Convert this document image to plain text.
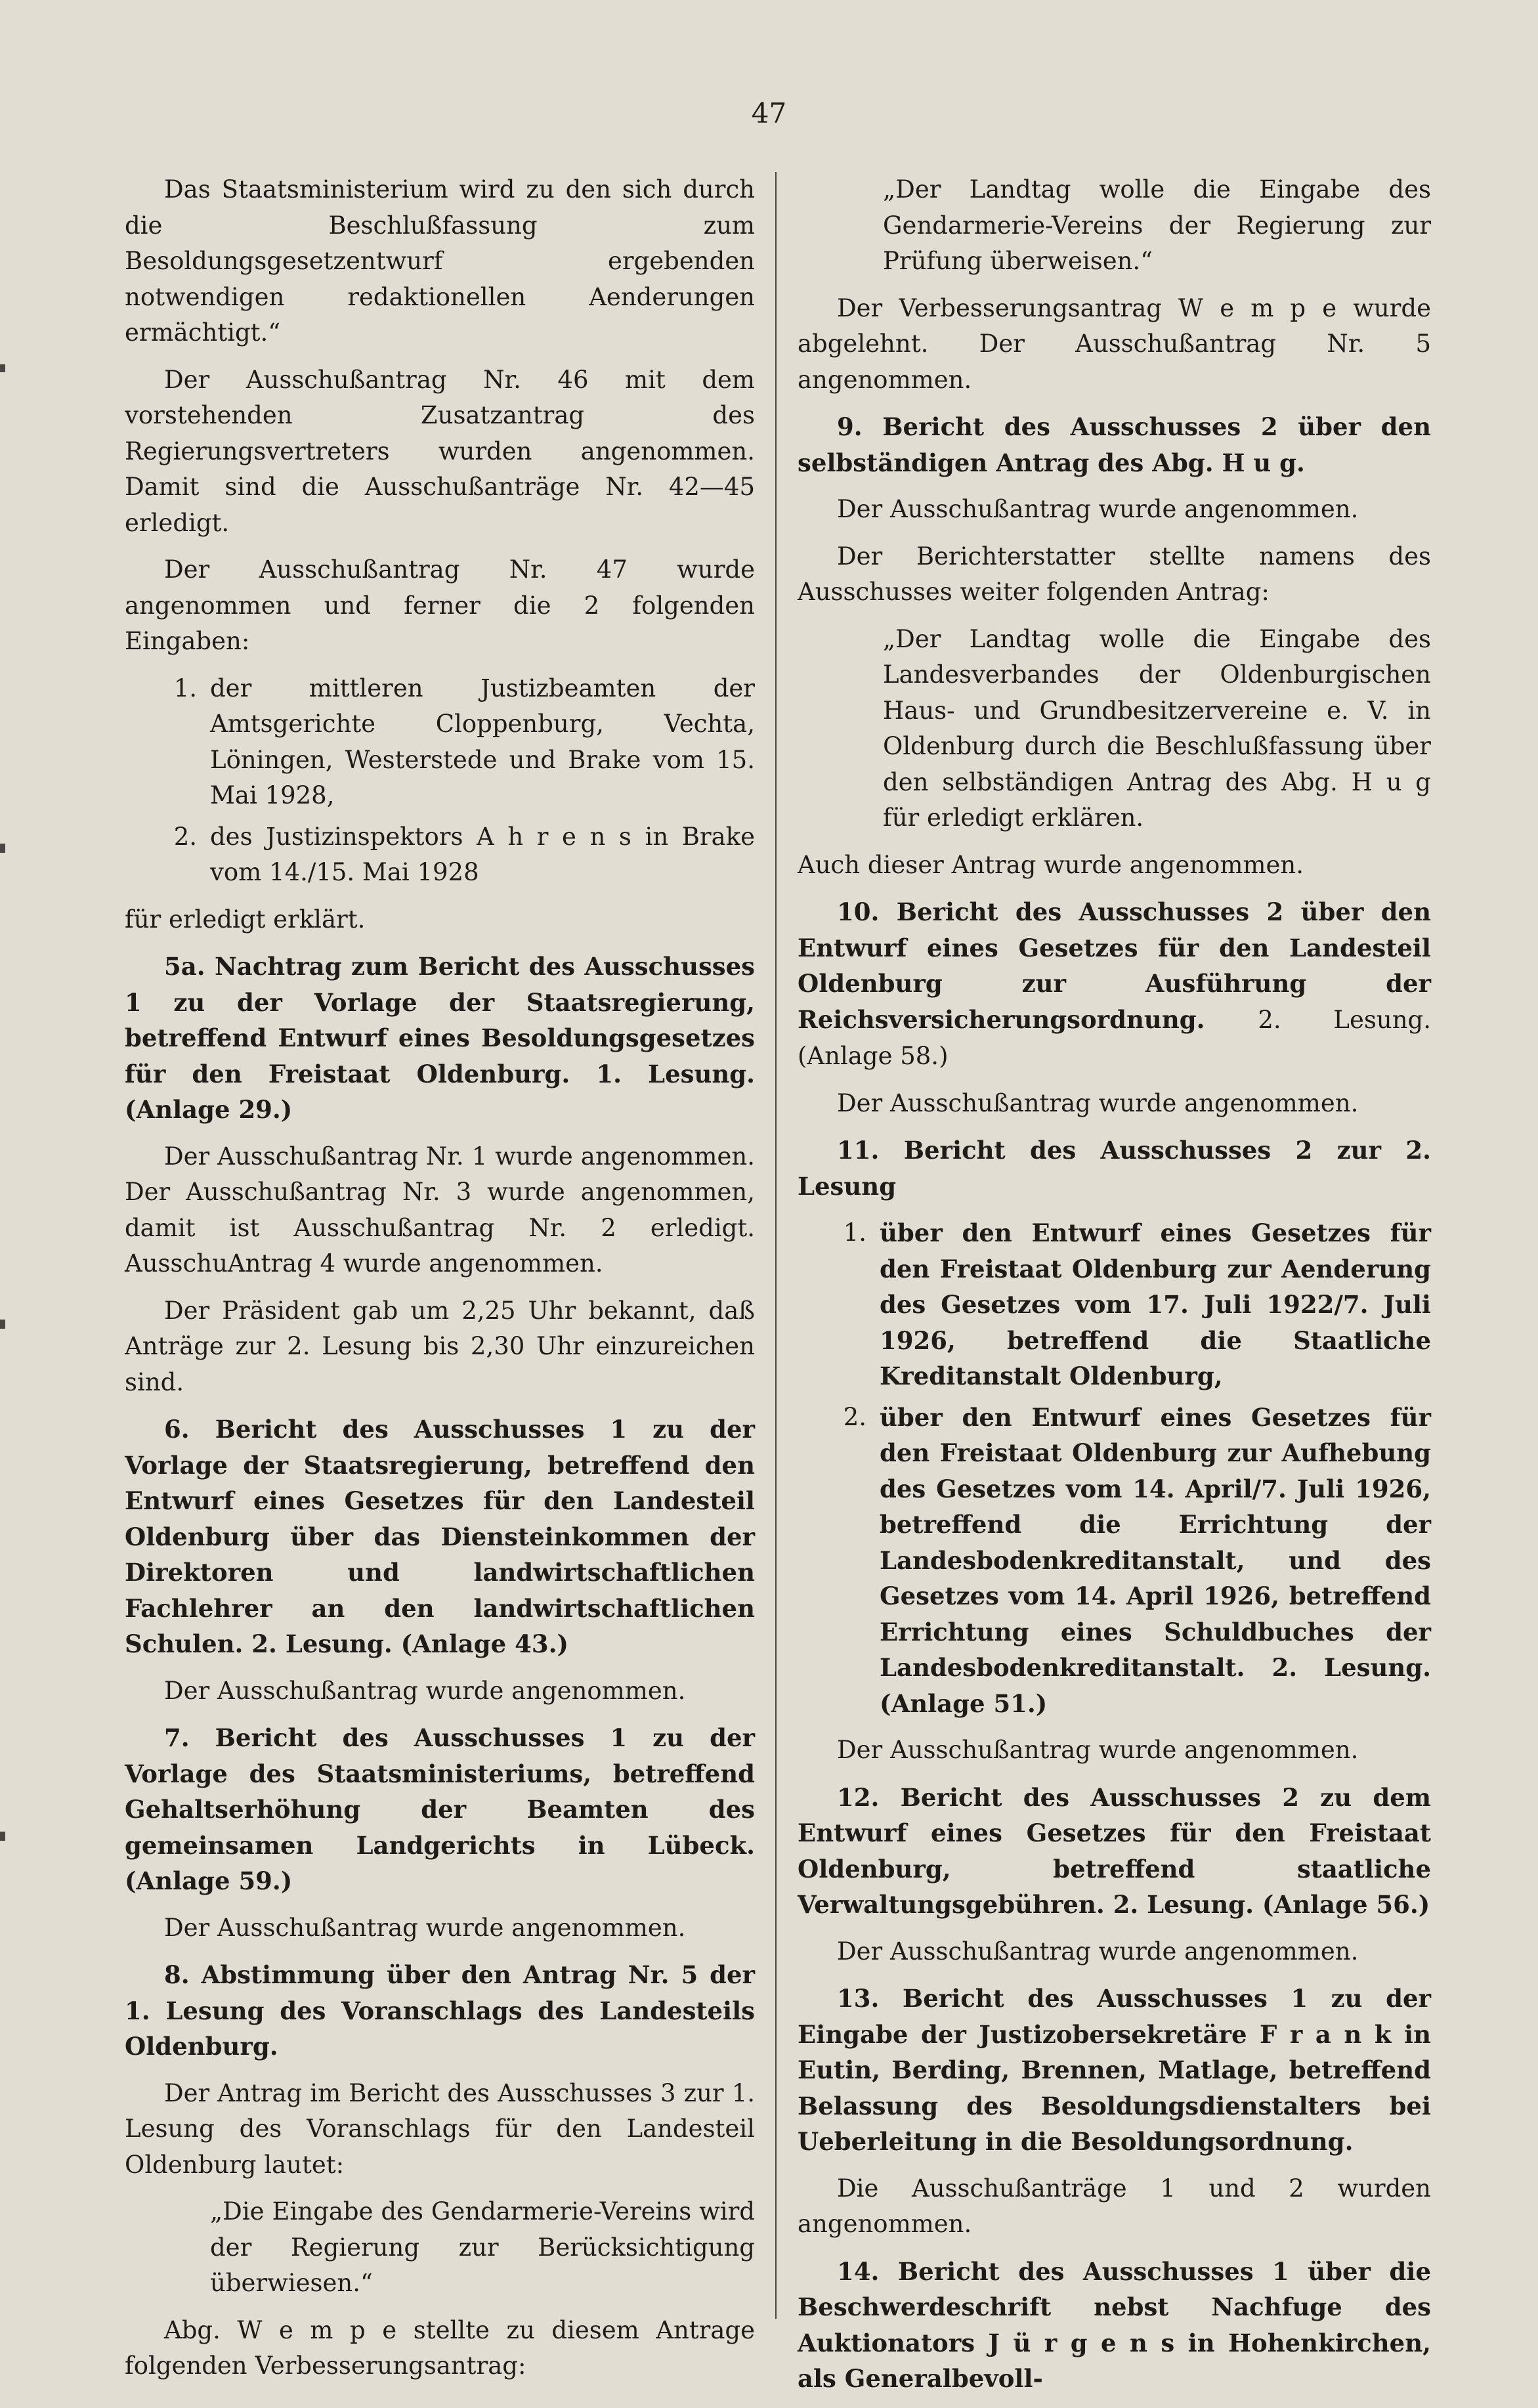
47

Das Staatsministerium wird zu den sich durch die Beschlußfassung zum Besoldungsgesetzentwurf ergebenden notwendigen redaktionellen Aenderungen ermächtigt.“

Der Ausschußantrag Nr. 46 mit dem vorstehenden Zusatzantrag des Regierungsvertreters wurden angenommen. Damit sind die Ausschußanträge Nr. 42—45 erledigt.

Der Ausschußantrag Nr. 47 wurde angenommen und ferner die 2 folgenden Eingaben:

1. der mittleren Justizbeamten der Amtsgerichte Cloppenburg, Vechta, Löningen, Westerstede und Brake vom 15. Mai 1928,
2. des Justizinspektors A h r e n s in Brake vom 14./15. Mai 1928

für erledigt erklärt.

5a. Nachtrag zum Bericht des Ausschusses 1 zu der Vorlage der Staatsregierung, betreffend Entwurf eines Besoldungsgesetzes für den Freistaat Oldenburg. 1. Lesung. (Anlage 29.)

Der Ausschußantrag Nr. 1 wurde angenommen. Der Ausschußantrag Nr. 3 wurde angenommen, damit ist Ausschußantrag Nr. 2 erledigt. AusschuAntrag 4 wurde angenommen.

Der Präsident gab um 2,25 Uhr bekannt, daß Anträge zur 2. Lesung bis 2,30 Uhr einzureichen sind.

6. Bericht des Ausschusses 1 zu der Vorlage der Staatsregierung, betreffend den Entwurf eines Gesetzes für den Landesteil Oldenburg über das Diensteinkommen der Direktoren und landwirtschaftlichen Fachlehrer an den landwirtschaftlichen Schulen. 2. Lesung. (Anlage 43.)

Der Ausschußantrag wurde angenommen.

7. Bericht des Ausschusses 1 zu der Vorlage des Staatsministeriums, betreffend Gehaltserhöhung der Beamten des gemeinsamen Landgerichts in Lübeck. (Anlage 59.)

Der Ausschußantrag wurde angenommen.

8. Abstimmung über den Antrag Nr. 5 der 1. Lesung des Voranschlags des Landesteils Oldenburg.

Der Antrag im Bericht des Ausschusses 3 zur 1. Lesung des Voranschlags für den Landesteil Oldenburg lautet:

„Die Eingabe des Gendarmerie-Vereins wird der Regierung zur Berücksichtigung überwiesen.“

Abg. W e m p e stellte zu diesem Antrage folgenden Verbesserungsantrag:

„Der Landtag wolle die Eingabe des Gendarmerie-Vereins der Regierung zur Prüfung überweisen.“

Der Verbesserungsantrag W e m p e wurde abgelehnt. Der Ausschußantrag Nr. 5 angenommen.

9. Bericht des Ausschusses 2 über den selbständigen Antrag des Abg. H u g.

Der Ausschußantrag wurde angenommen.

Der Berichterstatter stellte namens des Ausschusses weiter folgenden Antrag:

„Der Landtag wolle die Eingabe des Landesverbandes der Oldenburgischen Haus- und Grundbesitzervereine e. V. in Oldenburg durch die Beschlußfassung über den selbständigen Antrag des Abg. H u g für erledigt erklären.

Auch dieser Antrag wurde angenommen.

10. Bericht des Ausschusses 2 über den Entwurf eines Gesetzes für den Landesteil Oldenburg zur Ausführung der Reichsversicherungsordnung. 2. Lesung. (Anlage 58.)

Der Ausschußantrag wurde angenommen.

11. Bericht des Ausschusses 2 zur 2. Lesung

1. über den Entwurf eines Gesetzes für den Freistaat Oldenburg zur Aenderung des Gesetzes vom 17. Juli 1922/7. Juli 1926, betreffend die Staatliche Kreditanstalt Oldenburg,
2. über den Entwurf eines Gesetzes für den Freistaat Oldenburg zur Aufhebung des Gesetzes vom 14. April/7. Juli 1926, betreffend die Errichtung der Landesbodenkreditanstalt, und des Gesetzes vom 14. April 1926, betreffend Errichtung eines Schuldbuches der Landesbodenkreditanstalt. 2. Lesung. (Anlage 51.)

Der Ausschußantrag wurde angenommen.

12. Bericht des Ausschusses 2 zu dem Entwurf eines Gesetzes für den Freistaat Oldenburg, betreffend staatliche Verwaltungsgebühren. 2. Lesung. (Anlage 56.)

Der Ausschußantrag wurde angenommen.

13. Bericht des Ausschusses 1 zu der Eingabe der Justizobersekretäre F r a n k in Eutin, Berding, Brennen, Matlage, betreffend Belassung des Besoldungsdienstalters bei Ueberleitung in die Besoldungsordnung.

Die Ausschußanträge 1 und 2 wurden angenommen.

14. Bericht des Ausschusses 1 über die Beschwerdeschrift nebst Nachfuge des Auktionators J ü r g e n s in Hohenkirchen, als Generalbevoll-
